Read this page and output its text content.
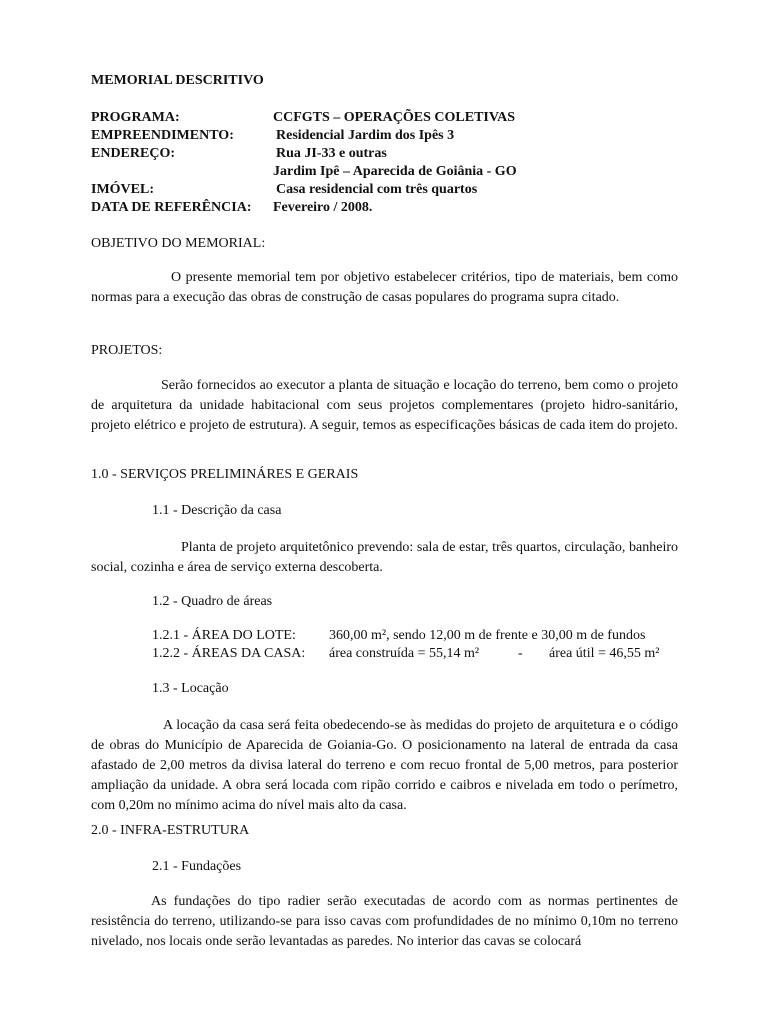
MEMORIAL DESCRITIVO
PROGRAMA:	CCFGTS – OPERAÇÕES COLETIVAS
EMPREENDIMENTO:	Residencial Jardim dos Ipês 3
ENDEREÇO:	Rua JI-33 e outras
Jardim Ipê – Aparecida de Goiânia - GO
IMÓVEL:	Casa residencial com três quartos
DATA DE REFERÊNCIA: Fevereiro / 2008.
OBJETIVO DO MEMORIAL:

O presente memorial tem por objetivo estabelecer critérios, tipo de materiais, bem como normas para a execução das obras de construção de casas populares do programa supra citado.

PROJETOS:

Serão fornecidos ao executor a planta de situação e locação do terreno, bem como o projeto de arquitetura da unidade habitacional com seus projetos complementares (projeto hidro-sanitário, projeto elétrico e projeto de estrutura). A seguir, temos as especificações básicas de cada item do projeto.

1.0 - SERVIÇOS PRELIMINÁRES E GERAIS
1.1 - Descrição da casa

Planta de projeto arquitetônico prevendo: sala de estar, três quartos, circulação, banheiro social, cozinha e área de serviço externa descoberta.

1.2 - Quadro de áreas
1.2.1 - ÁREA DO LOTE: 360,00 m², sendo 12,00 m de frente e 30,00 m de fundos
1.2.2 - ÁREAS DA CASA: área construída = 55,14 m²	- área útil = 46,55 m²
1.3 - Locação

A locação da casa será feita obedecendo-se às medidas do projeto de arquitetura e o código de obras do Município de Aparecida de Goiania-Go. O posicionamento na lateral de entrada da casa afastado de 2,00 metros da divisa lateral do terreno e com recuo frontal de 5,00 metros, para posterior ampliação da unidade. A obra será locada com ripão corrido e caibros e nivelada em todo o perímetro, com 0,20m no mínimo acima do nível mais alto da casa.

2.0 - INFRA-ESTRUTURA
2.1 - Fundações

As fundações do tipo radier serão executadas de acordo com as normas pertinentes de resistência do terreno, utilizando-se para isso cavas com profundidades de no mínimo 0,10m no terreno nivelado, nos locais onde serão levantadas as paredes. No interior das cavas se colocará
